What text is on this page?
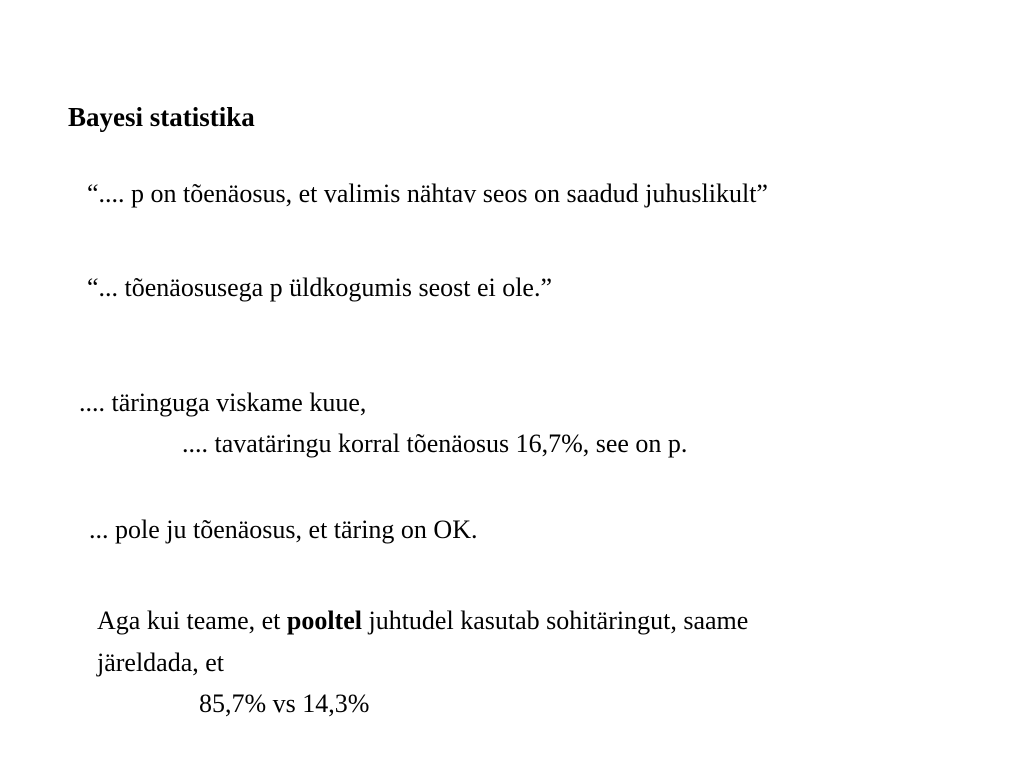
Bayesi statistika
“.... p on tõenäosus, et valimis nähtav seos on saadud juhuslikult”
“... tõenäosusega p üldkogumis seost ei ole.”
.... täringuga viskame kuue,
.... tavatäringu korral tõenäosus 16,7%, see on p.
... pole ju tõenäosus, et täring on OK.
Aga kui teame, et pooltel juhtudel kasutab sohitäringut, saame
järeldada, et
85,7% vs 14,3%
